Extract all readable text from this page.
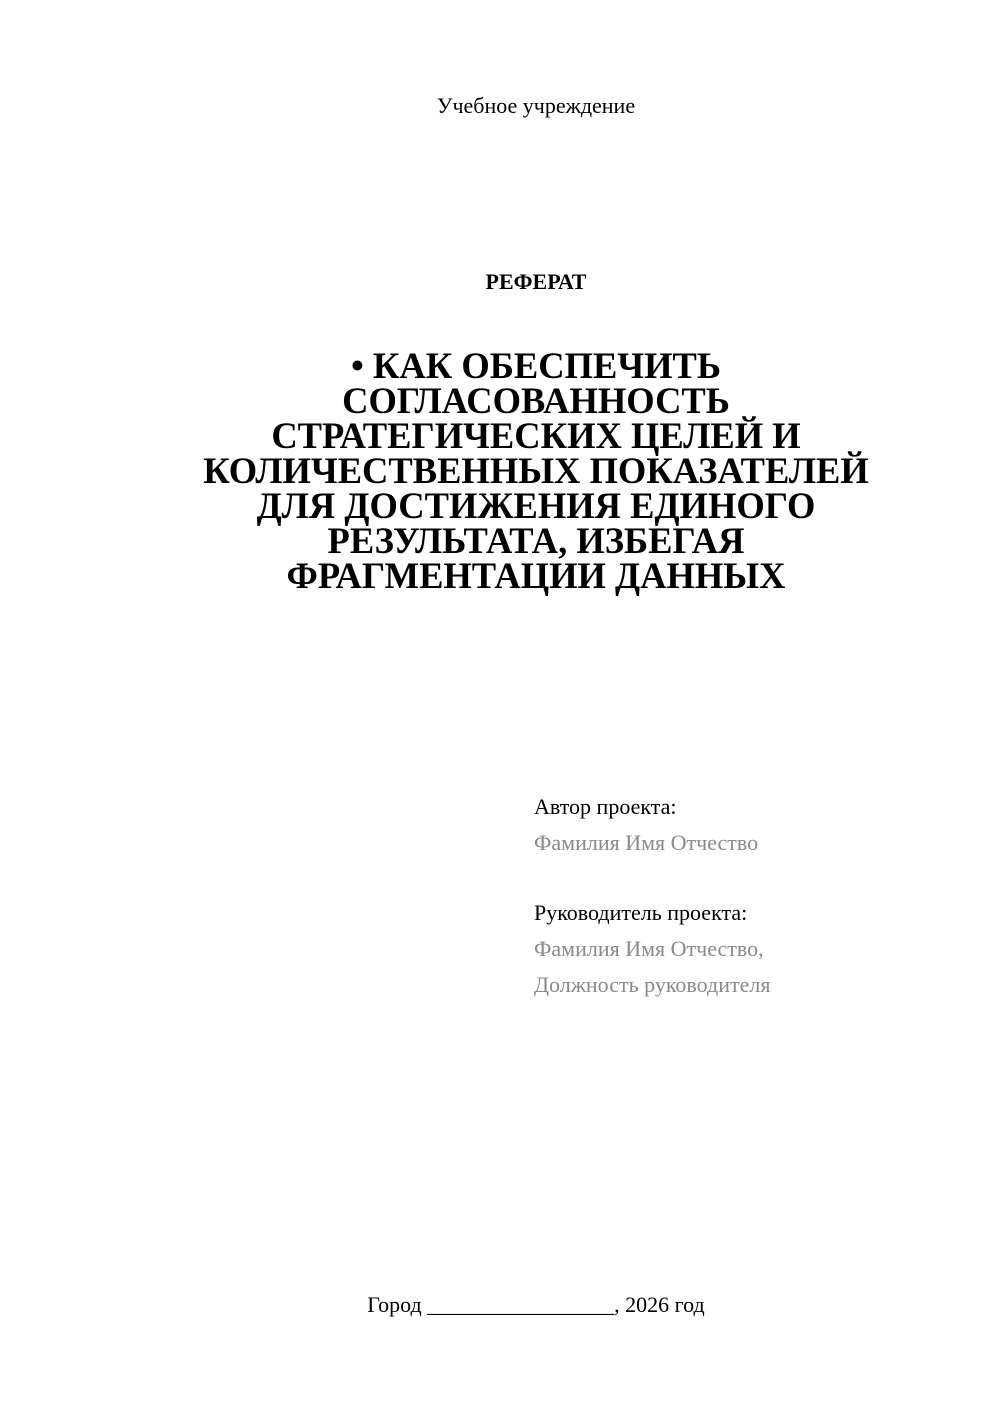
Учебное учреждение
РЕФЕРАТ
• КАК ОБЕСПЕЧИТЬ
СОГЛАСОВАННОСТЬ
СТРАТЕГИЧЕСКИХ ЦЕЛЕЙ И
КОЛИЧЕСТВЕННЫХ ПОКАЗАТЕЛЕЙ
ДЛЯ ДОСТИЖЕНИЯ ЕДИНОГО
РЕЗУЛЬТАТА, ИЗБЕГАЯ
ФРАГМЕНТАЦИИ ДАННЫХ
Автор проекта:
Фамилия Имя Отчество
Руководитель проекта:
Фамилия Имя Отчество,
Должность руководителя
Город _________________, 2026 год
